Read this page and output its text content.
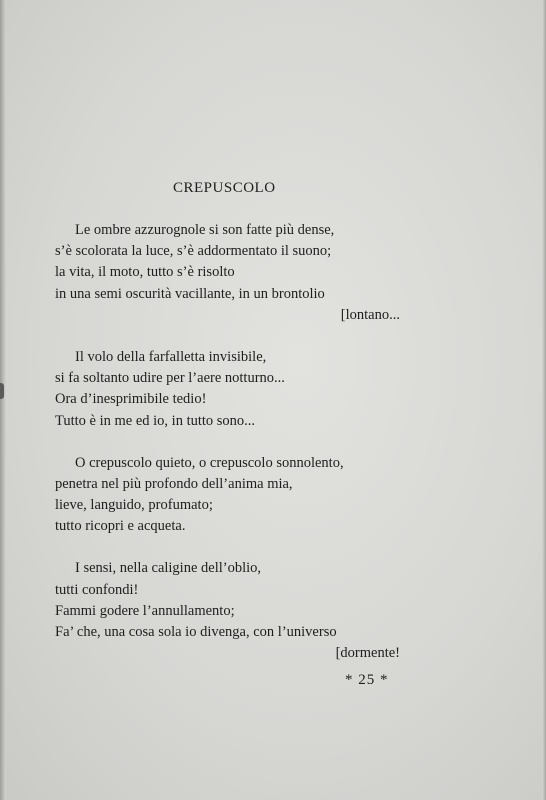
CREPUSCOLO
Le ombre azzurognole si son fatte più dense,
s’è scolorata la luce, s’è addormentato il suono;
la vita, il moto, tutto s’è risolto
in una semi oscurità vacillante, in un brontolio
[lontano...
Il volo della farfalletta invisibile,
si fa soltanto udire per l’aere notturno...
Ora d’inesprimibile tedio!
Tutto è in me ed io, in tutto sono...
O crepuscolo quieto, o crepuscolo sonnolento,
penetra nel più profondo dell’anima mia,
lieve, languido, profumato;
tutto ricopri e acqueta.
I sensi, nella caligine dell’oblio,
tutti confondi!
Fammi godere l’annullamento;
Fa’ che, una cosa sola io divenga, con l’universo
[dormente!
* 25 *
